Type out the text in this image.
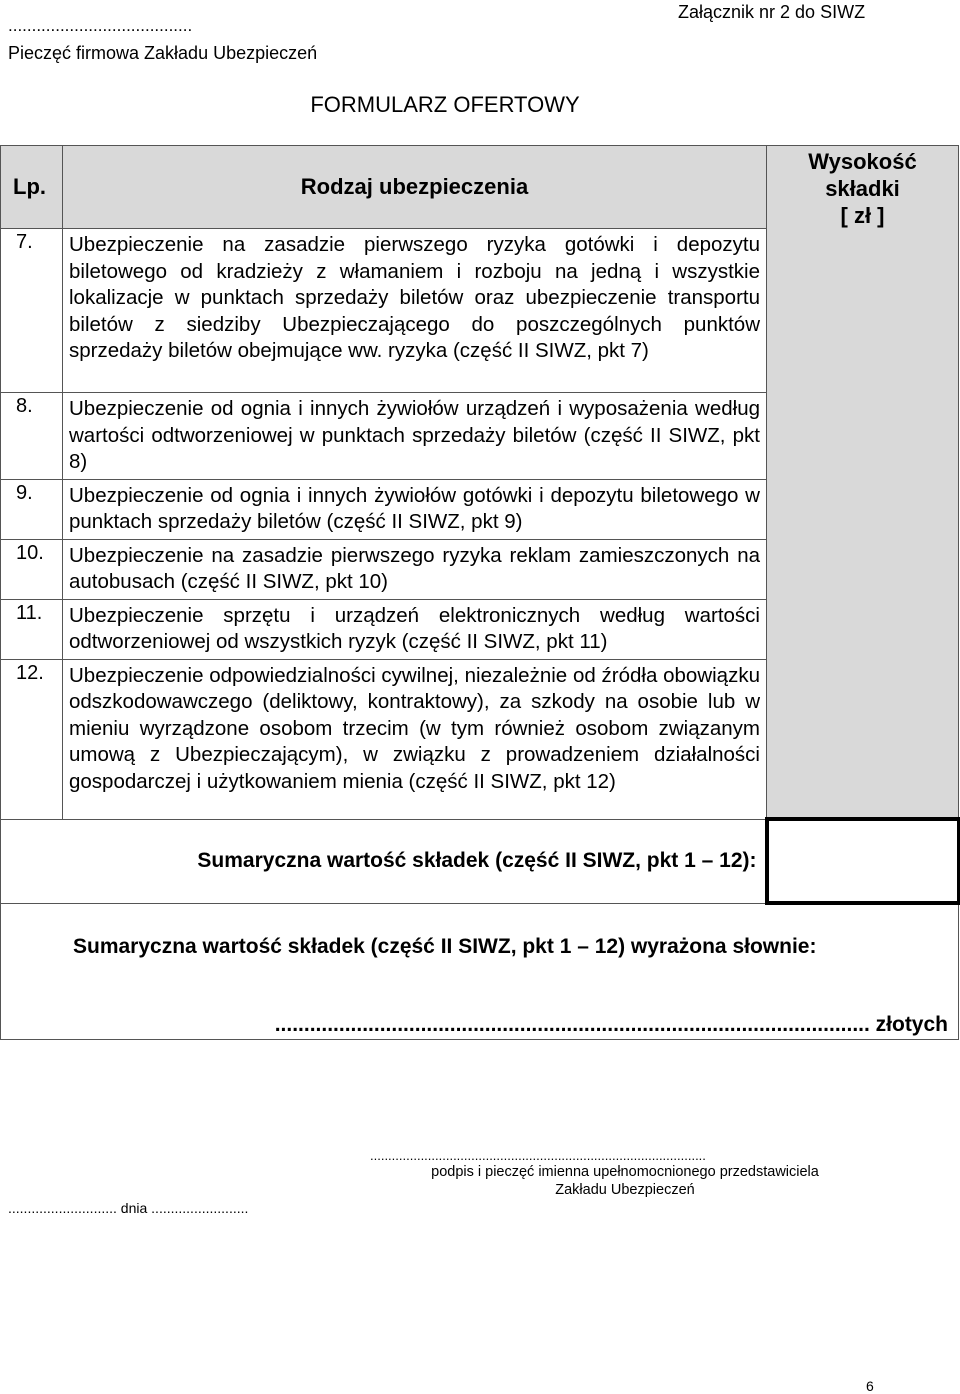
.......................................
Pieczęć firmowa Zakładu Ubezpieczeń
Załącznik nr 2 do SIWZ
FORMULARZ OFERTOWY
Lp.	Rodzaj ubezpieczenia	Wysokość
składki
[ zł ]

7.	Ubezpieczenie na zasadzie pierwszego ryzyka gotówki i depozytu biletowego od kradzieży z włamaniem i rozboju na jedną i wszystkie lokalizacje w punktach sprzedaży biletów oraz ubezpieczenie transportu biletów z siedziby Ubezpieczającego do poszczególnych punktów sprzedaży biletów obejmujące ww. ryzyka (część II SIWZ, pkt 7)	
8.	Ubezpieczenie od ognia i innych żywiołów urządzeń i wyposażenia według wartości odtworzeniowej w punktach sprzedaży biletów (część II SIWZ, pkt 8)	
9.	Ubezpieczenie od ognia i innych żywiołów gotówki i depozytu biletowego w punktach sprzedaży biletów (część II SIWZ, pkt 9)	
10.	Ubezpieczenie na zasadzie pierwszego ryzyka reklam zamieszczonych na autobusach (część II SIWZ, pkt 10)	
11.	Ubezpieczenie sprzętu i urządzeń elektronicznych według wartości odtworzeniowej od wszystkich ryzyk (część II SIWZ, pkt 11)	
12.	Ubezpieczenie odpowiedzialności cywilnej, niezależnie od źródła obowiązku odszkodowawczego (deliktowy, kontraktowy), za szkody na osobie lub w mieniu wyrządzone osobom trzecim (w tym również osobom związanym umową z Ubezpieczającym), w związku z prowadzeniem działalności gospodarczej i użytkowaniem mienia (część II SIWZ, pkt 12)	
Sumaryczna wartość składek (część II SIWZ, pkt 1 – 12):		

Sumaryczna wartość składek (część II SIWZ, pkt 1 – 12) wyrażona słownie:
...................................................................................................... złotych		
.............................................................................................
podpis i pieczęć imienna upełnomocnionego przedstawiciela
Zakładu Ubezpieczeń
............................ dnia .........................
6
